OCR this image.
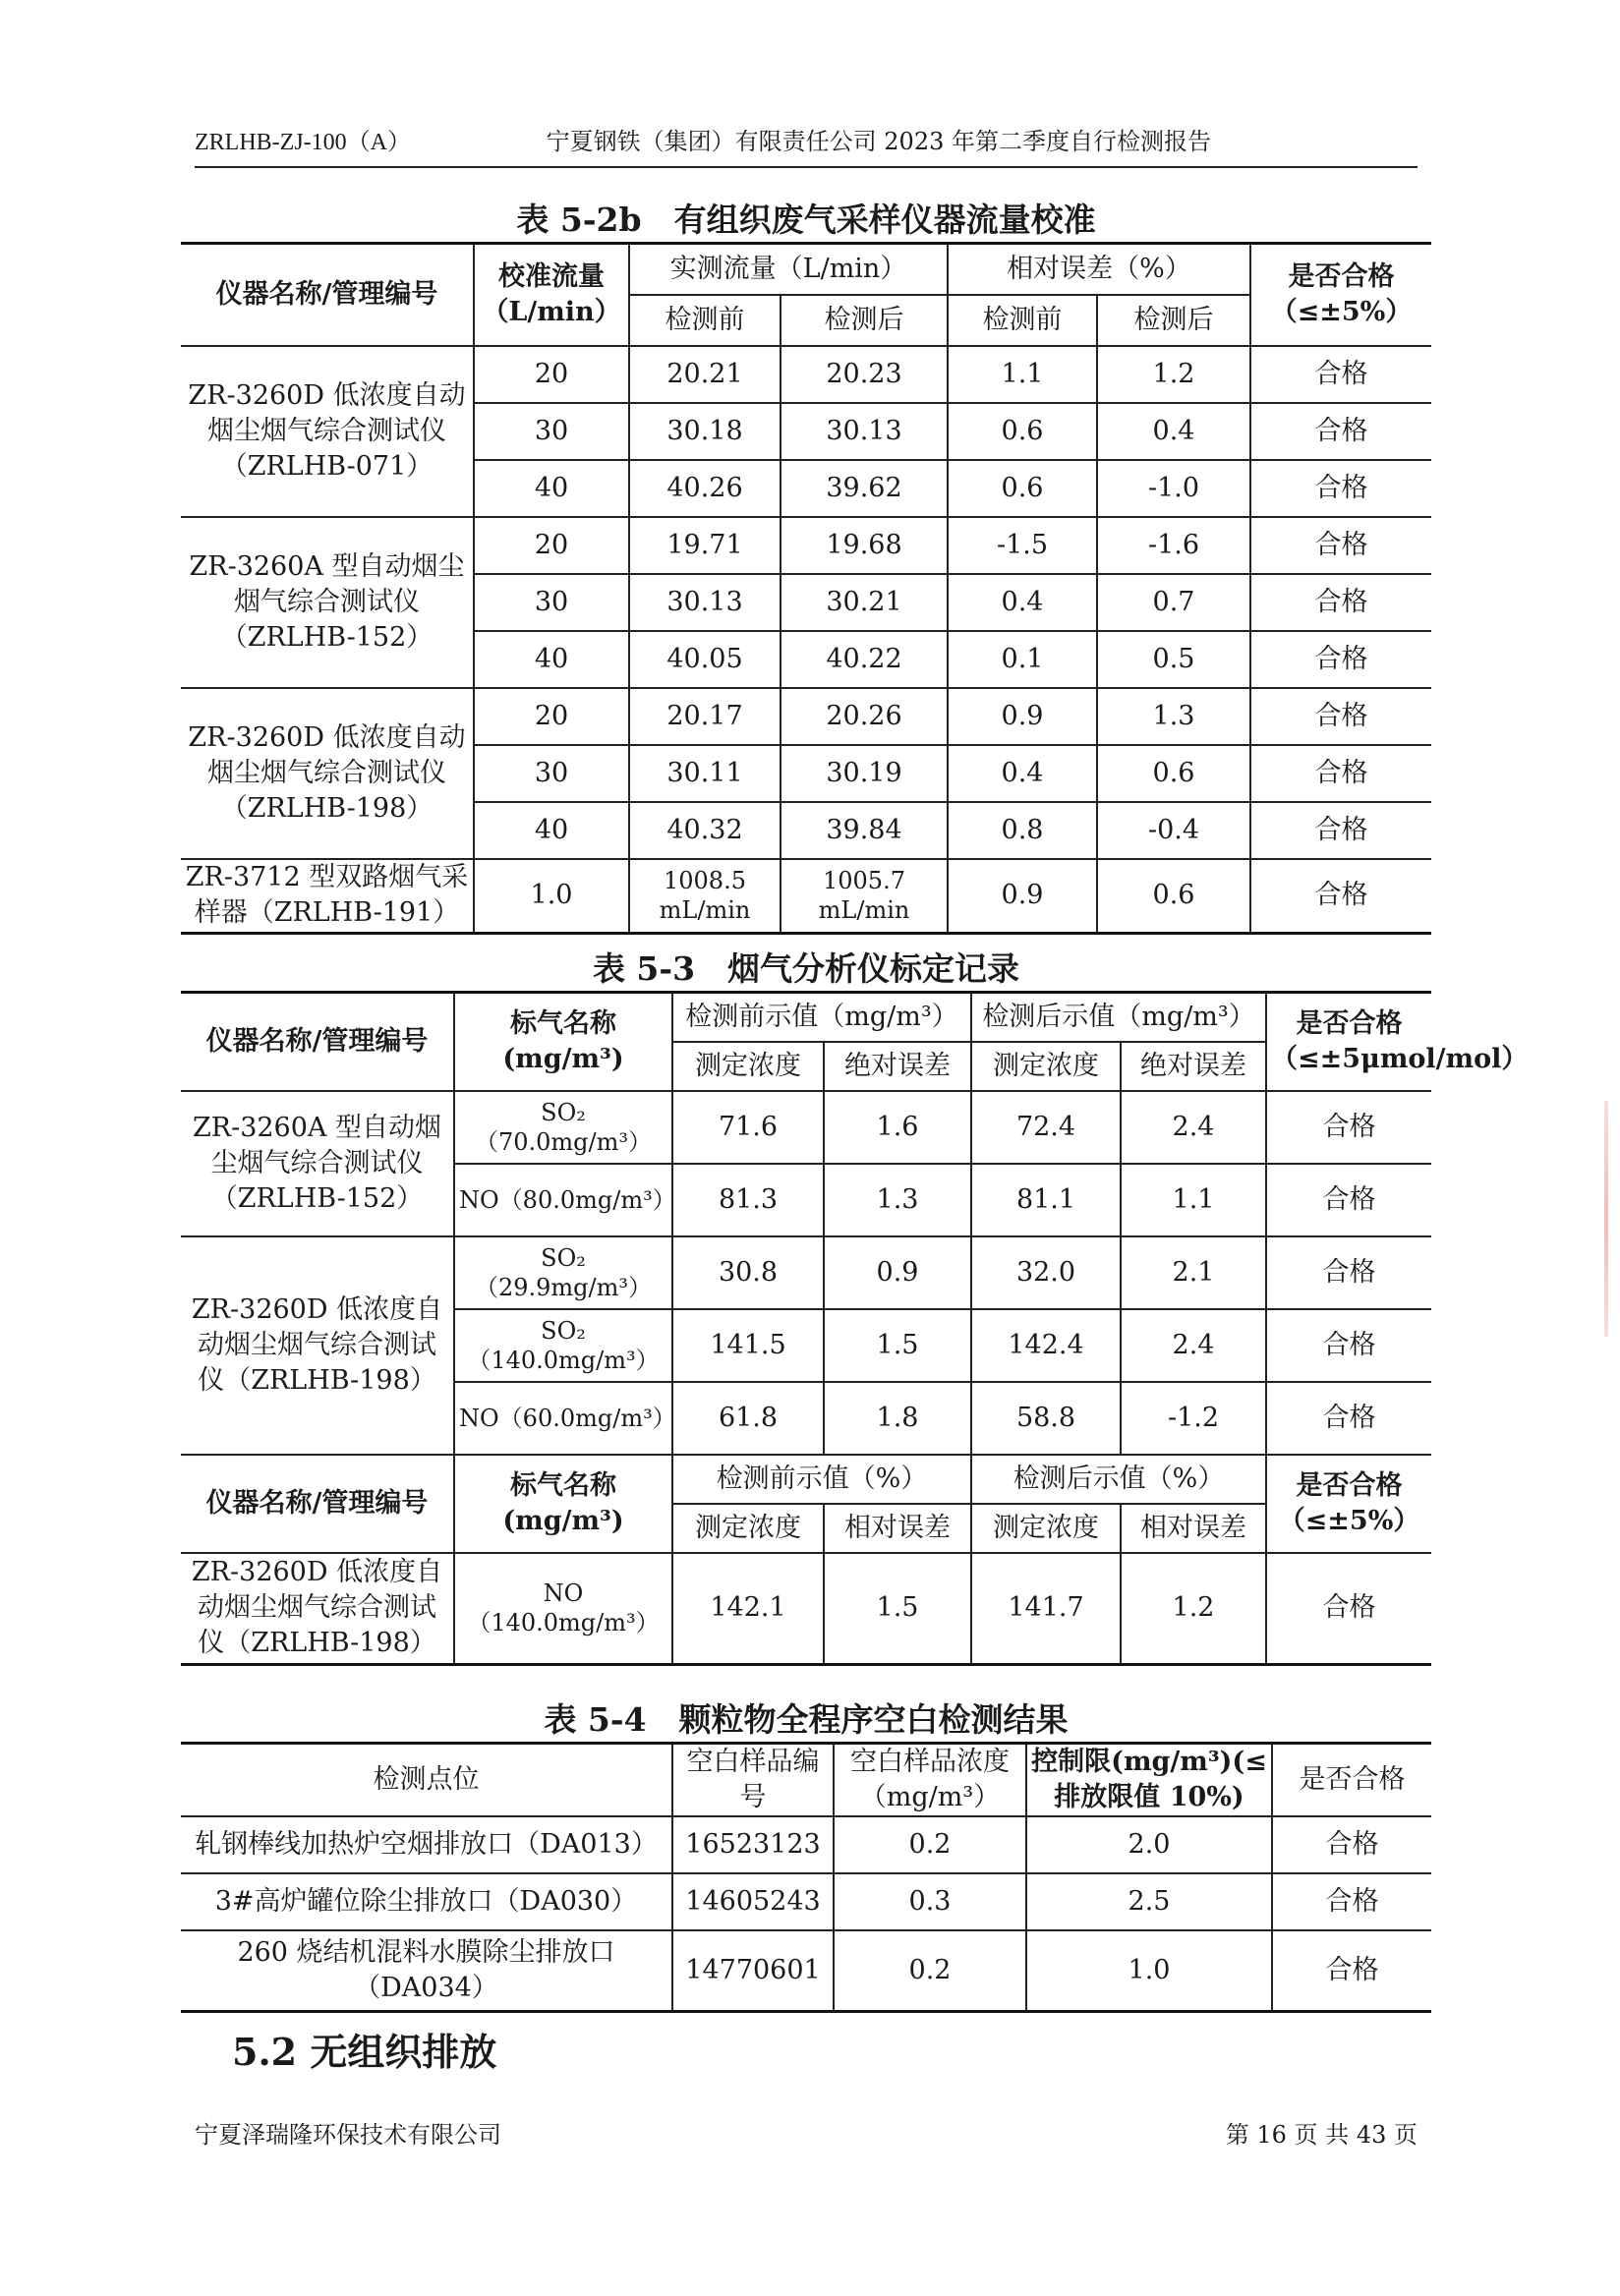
ZRLHB-ZJ-100（A）	宁夏钢铁（集团）有限责任公司 2023 年第二季度自行检测报告
表 5-2b　有组织废气采样仪器流量校准
仪器名称/管理编号	校准流量（L/min）	实测流量（L/min）		相对误差（%）		是否合格（≤±5%）
		检测前	检测后	检测前	检测后	
ZR-3260D 低浓度自动烟尘烟气综合测试仪（ZRLHB-071）	20	20.21	20.23	1.1	1.2	合格
	30	30.18	30.13	0.6	0.4	合格
	40	40.26	39.62	0.6	-1.0	合格
ZR-3260A 型自动烟尘烟气综合测试仪（ZRLHB-152）	20	19.71	19.68	-1.5	-1.6	合格
	30	30.13	30.21	0.4	0.7	合格
	40	40.05	40.22	0.1	0.5	合格
ZR-3260D 低浓度自动烟尘烟气综合测试仪（ZRLHB-198）	20	20.17	20.26	0.9	1.3	合格
	30	30.11	30.19	0.4	0.6	合格
	40	40.32	39.84	0.8	-0.4	合格
ZR-3712 型双路烟气采样器（ZRLHB-191）	1.0	1008.5 mL/min	1005.7 mL/min	0.9	0.6	合格
表 5-3　烟气分析仪标定记录
仪器名称/管理编号	标气名称(mg/m³)	检测前示值（mg/m³）		检测后示值（mg/m³）		是否合格（≤±5μmol/mol）
		测定浓度	绝对误差	测定浓度	绝对误差	
ZR-3260A 型自动烟尘烟气综合测试仪（ZRLHB-152）	SO₂（70.0mg/m³）	71.6	1.6	72.4	2.4	合格
	NO（80.0mg/m³）	81.3	1.3	81.1	1.1	合格
ZR-3260D 低浓度自动烟尘烟气综合测试仪（ZRLHB-198）	SO₂（29.9mg/m³）	30.8	0.9	32.0	2.1	合格
	SO₂（140.0mg/m³）	141.5	1.5	142.4	2.4	合格
	NO（60.0mg/m³）	61.8	1.8	58.8	-1.2	合格
仪器名称/管理编号	标气名称(mg/m³)	检测前示值（%）		检测后示值（%）		是否合格（≤±5%）
		测定浓度	相对误差	测定浓度	相对误差	
ZR-3260D 低浓度自动烟尘烟气综合测试仪（ZRLHB-198）	NO（140.0mg/m³）	142.1	1.5	141.7	1.2	合格
表 5-4　颗粒物全程序空白检测结果
检测点位	空白样品编号	空白样品浓度（mg/m³）	控制限(mg/m³)(≤排放限值 10%)	是否合格
轧钢棒线加热炉空烟排放口（DA013）	16523123	0.2	2.0	合格
3#高炉罐位除尘排放口（DA030）	14605243	0.3	2.5	合格
260 烧结机混料水膜除尘排放口（DA034）	14770601	0.2	1.0	合格
5.2 无组织排放
宁夏泽瑞隆环保技术有限公司	第 16 页 共 43 页
